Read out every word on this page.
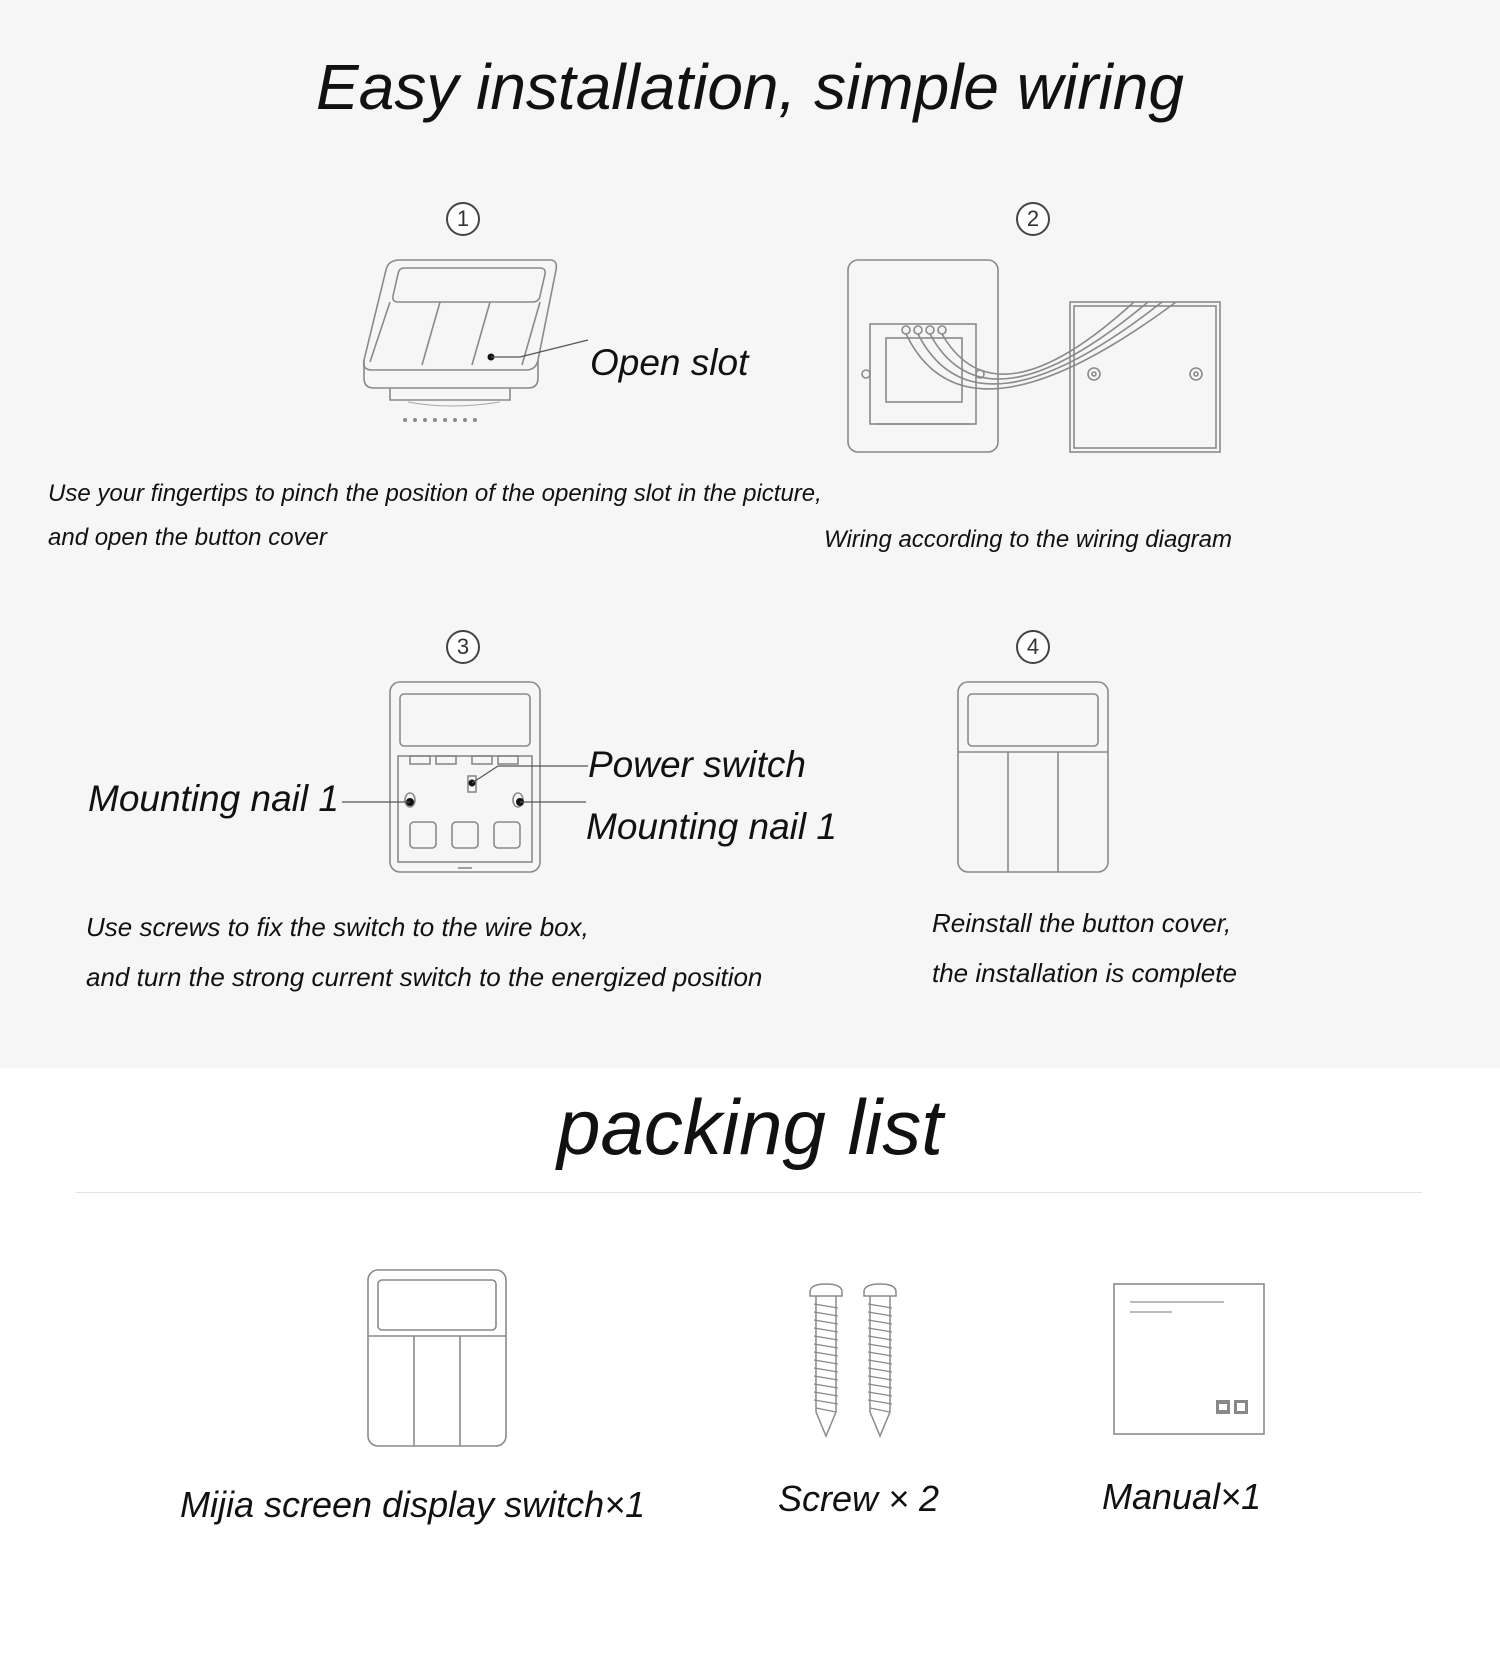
Easy installation, simple wiring
1
Open slot
Use your fingertips to pinch the position of the opening slot in the picture,
and open the button cover
2
Wiring according to the wiring diagram
3
Mounting nail 1
Power switch
Mounting nail 1
Use screws to fix the switch to the wire box,
and turn the strong current switch to the energized position
4
Reinstall the button cover,
the installation is complete
packing list
Mijia screen display switch×1	Screw × 2	Manual×1
